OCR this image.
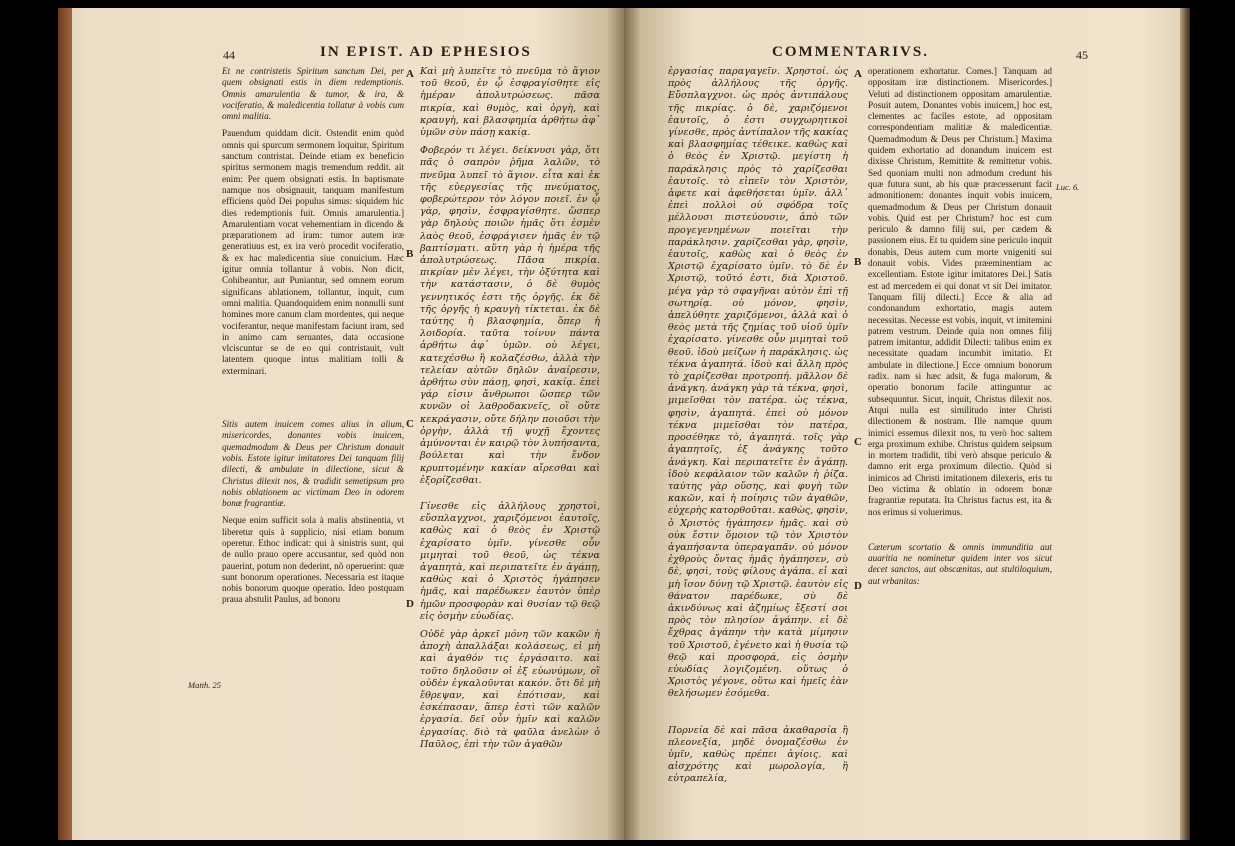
44	IN EPIST. AD EPHESIOS

Et ne contristetis Spiritum sanctum Dei, per quem obsignati estis in diem redemptionis. Omnis amarulentia & tumor, & ira, & vociferatio, & maledicentia tollatur à vobis cum omni malitia.

Pauendum quiddam dicit. Ostendit enim quòd omnis qui spurcum sermonem loquitur, Spiritum sanctum contristat. Deinde etiam ex beneficio spiritus sermonem magis tremendum reddit. ait enim: Per quem obsignati estis. In baptismate namque nos obsignauit, tanquam manifestum efficiens quòd Dei populus simus: siquidem hic dies redemptionis fuit. Omnis amarulentia.] Amarulentiam vocat vehementiam in dicendo & præparationem ad iram: tumor autem iræ generatiuus est, ex ira verò procedit vociferatio, & ex hac maledicentia siue conuicium. Hæc igitur omnia tollantur à vobis. Non dicit, Cohibeantur, aut Puniantur, sed omnem eorum significans ablationem, tollantur, inquit, cum omni malitia. Quandoquidem enim nonnulli sunt homines more canum clam mordentes, qui neque vociferantur, neque manifestam faciunt iram, sed in animo cam seruantes, data occasione vlciscuntur se de eo qui contristauit, vult latentem quoque intus malitiam tolli & exterminari.

Sitis autem inuicem comes alius in alium, misericordes, donantes vobis inuicem, quemadmodum & Deus per Christum donauit vobis. Estote igitur imitatores Dei tanquam filij dilecti, & ambulate in dilectione, sicut & Christus dilexit nos, & tradidit semetipsum pro nobis oblationem ac victimam Deo in odorem bonæ fragrantiæ.

Neque enim sufficit sola à malis abstinentia, vt liberetur quis à supplicio, nisi etiam bonum operetur. Ethoc indicat: qui à sinistris sunt, qui de nullo prauo opere accusantur, sed quòd non pauerint, potum non dederint, nõ operuerint: quæ sunt bonorum operationes. Necessaria est itaque nobis bonorum quoque operatio. Ideo postquam praua abstulit Paulus, ad bonoru

Καὶ μὴ λυπεῖτε τὸ πνεῦμα τὸ ἅγιον τοῦ θεοῦ, ἐν ᾧ ἐσφραγίσθητε εἰς ἡμέραν ἀπολυτρώσεως. πᾶσα πικρία, καὶ θυμὸς, καὶ ὀργὴ, καὶ κραυγὴ, καὶ βλασφημία ἀρθήτω ἀφ᾽ ὑμῶν σὺν πάσῃ κακίᾳ.

Φοβερόν τι λέγει. δείκνυσι γὰρ, ὅτι πᾶς ὁ σαπρὸν ῥῆμα λαλῶν, τὸ πνεῦμα λυπεῖ τὸ ἅγιον. εἶτα καὶ ἐκ τῆς εὐεργεσίας τῆς πνεύματος, φοβερώτερον τὸν λόγον ποιεῖ. ἐν ᾧ γὰρ, φησὶν, ἐσφραγίσθητε. ὥσπερ γὰρ δηλοὺς ποιῶν ἡμᾶς ὅτι ἐσμὲν λαὸς θεοῦ, ἐσφράγισεν ἡμᾶς ἐν τῷ βαπτίσματι. αὕτη γὰρ ἡ ἡμέρα τῆς ἀπολυτρώσεως. Πᾶσα πικρία. πικρίαν μὲν λέγει, τὴν ὀξύτητα καὶ τὴν κατάστασιν, ὁ δὲ θυμὸς γεννητικός ἐστι τῆς ὀργῆς. ἐκ δὲ τῆς ὀργῆς ἡ κραυγὴ τίκτεται. ἐκ δὲ ταύτης ἡ βλασφημία, ὅπερ ἡ λοιδορία. ταῦτα τοίνυν πάντα ἀρθήτω ἀφ᾽ ὑμῶν. οὐ λέγει, κατεχέσθω ἢ κολαζέσθω, ἀλλὰ τὴν τελείαν αὐτῶν δηλῶν ἀναίρεσιν, ἀρθήτω σὺν πάσῃ, φησὶ, κακίᾳ. ἐπεὶ γάρ εἰσιν ἄνθρωποι ὥσπερ τῶν κυνῶν οἱ λαθροδακνεῖς, οἳ οὔτε κεκράγασιν, οὔτε δήλην ποιοῦσι τὴν ὀργὴν, ἀλλὰ τῇ ψυχῇ ἔχοντες ἀμύνονται ἐν καιρῷ τὸν λυπήσαντα, βούλεται καὶ τὴν ἔνδον κρυπτομένην κακίαν αἴρεσθαι καὶ ἐξορίζεσθαι.

Γίνεσθε εἰς ἀλλήλους χρηστοὶ, εὔσπλαγχνοι, χαριζόμενοι ἑαυτοῖς, καθὼς καὶ ὁ θεὸς ἐν Χριστῷ ἐχαρίσατο ὑμῖν. γίνεσθε οὖν μιμηταὶ τοῦ θεοῦ, ὡς τέκνα ἀγαπητὰ, καὶ περιπατεῖτε ἐν ἀγάπῃ, καθὼς καὶ ὁ Χριστὸς ἠγάπησεν ἡμᾶς, καὶ παρέδωκεν ἑαυτὸν ὑπὲρ ἡμῶν προσφορὰν καὶ θυσίαν τῷ θεῷ εἰς ὀσμὴν εὐωδίας.

Οὐδὲ γὰρ ἀρκεῖ μόνη τῶν κακῶν ἡ ἀποχὴ ἀπαλλάξαι κολάσεως, εἰ μὴ καὶ ἀγαθόν τις ἐργάσαιτο. καὶ τοῦτο δηλοῦσιν οἱ ἐξ εὐωνύμων, οἳ οὐδὲν ἐγκαλοῦνται κακόν. ὅτι δὲ μὴ ἔθρεψαν, καὶ ἐπότισαν, καὶ ἐσκέπασαν, ἅπερ ἐστὶ τῶν καλῶν ἐργασία. δεῖ οὖν ἡμῖν καὶ καλῶν ἐργασίας. διὸ τὰ φαῦλα ἀνελὼν ὁ Παῦλος, ἐπὶ τὴν τῶν ἀγαθῶν

A
B
C
D
Matth. 25
COMMENTARIVS.	45

ἐργασίας παραγαγεῖν. Χρηστοί. ὡς πρὸς ἀλλήλους τῆς ὀργῆς. Εὔσπλαγχνοι. ὡς πρὸς ἀντιπάλους τῆς πικρίας. ὁ δὲ, χαριζόμενοι ἑαυτοῖς, ὁ ἐστι συγχωρητικοὶ γίνεσθε, πρὸς ἀντίπαλον τῆς κακίας καὶ βλασφημίας τέθεικε. καθὼς καὶ ὁ θεὸς ἐν Χριστῷ. μεγίστη ἡ παράκλησις πρὸς τὸ χαρίζεσθαι ἑαυτοῖς. τὸ εἰπεῖν τὸν Χριστὸν, ἀφετε καὶ ἀφεθήσεται ὑμῖν. ἀλλ᾽ ἐπεὶ πολλοὶ οὐ σφόδρα τοῖς μέλλουσι πιστεύουσιν, ἀπὸ τῶν προγεγενημένων ποιεῖται τὴν παράκλησιν. χαρίζεσθαι γὰρ, φησὶν, ἑαυτοῖς, καθὼς καὶ ὁ θεὸς ἐν Χριστῷ ἐχαρίσατο ὑμῖν. τὸ δὲ ἐν Χριστῷ, τοῦτό ἐστι, διὰ Χριστοῦ. μέγα γὰρ τὸ σφαγῆναι αὐτὸν ἐπὶ τῇ σωτηρίᾳ. οὐ μόνον, φησὶν, ἀπελύθητε χαριζόμενοι, ἀλλὰ καὶ ὁ θεὸς μετὰ τῆς ζημίας τοῦ υἱοῦ ὑμῖν ἐχαρίσατο. γίνεσθε οὖν μιμηταὶ τοῦ θεοῦ. ἰδοὺ μείζων ἡ παράκλησις. ὡς τέκνα ἀγαπητά. ἰδοὺ καὶ ἄλλη πρὸς τὸ χαρίζεσθαι προτροπή. μᾶλλον δὲ ἀνάγκη. ἀνάγκη γὰρ τὰ τέκνα, φησὶ, μιμεῖσθαι τὸν πατέρα. ὡς τέκνα, φησὶν, ἀγαπητά. ἐπεὶ οὐ μόνον τέκνα μιμεῖσθαι τὸν πατέρα, προσέθηκε τὸ, ἀγαπητά. τοῖς γὰρ ἀγαπητοῖς, ἐξ ἀνάγκης τοῦτο ἀνάγκη. Καὶ περιπατεῖτε ἐν ἀγάπῃ. ἰδοὺ κεφάλαιον τῶν καλῶν ἡ ῥίζα. ταύτης γὰρ οὔσης, καὶ φυγὴ τῶν κακῶν, καὶ ἡ ποίησις τῶν ἀγαθῶν, εὐχερὴς κατορθοῦται. καθὼς, φησὶν, ὁ Χριστὸς ἠγάπησεν ἡμᾶς. καὶ σὺ οὐκ ἔστιν ὅμοιον τῷ τὸν Χριστὸν ἀγαπήσαντα ὑπεραγαπᾶν. οὐ μόνον ἐχθροὺς ὄντας ἡμᾶς ἠγάπησεν, σὺ δὲ, φησὶ, τοὺς φίλους ἀγάπα. εἰ καὶ μὴ ἴσον δύνῃ τῷ Χριστῷ. ἑαυτὸν εἰς θάνατον παρέδωκε, σὺ δὲ ἀκινδύνως καὶ ἀζημίως ἔξεστί σοι πρὸς τὸν πλησίον ἀγάπην. εἰ δὲ ἔχθρας ἀγάπην τὴν κατὰ μίμησιν τοῦ Χριστοῦ, ἐγένετο καὶ ἡ θυσία τῷ θεῷ καὶ προσφορά, εἰς ὀσμὴν εὐωδίας λογιζομένη. οὕτως ὁ Χριστὸς γέγονε, οὕτω καὶ ἡμεῖς ἐὰν θελήσωμεν ἐσόμεθα.

Πορνεία δὲ καὶ πᾶσα ἀκαθαρσία ἢ πλεονεξία, μηδὲ ὀνομαζέσθω ἐν ὑμῖν, καθὼς πρέπει ἁγίοις. καὶ αἰσχρότης καὶ μωρολογία, ἢ εὐτραπελία,

operationem exhortatur. Comes.] Tanquam ad oppositam iræ distinctionem. Misericordes.] Veluti ad distinctionem oppositam amarulentiæ. Posuit autem, Donantes vobis inuicem,] hoc est, clementes ac faciles estote, ad oppositam correspondentiam malitiæ & maledicentiæ. Quemadmodum & Deus per Christum.] Maxima quidem exhortatio ad donandum inuicem est dixisse Christum, Remittite & remittetur vobis. Sed quoniam multi non admodum credunt his quæ futura sunt, ab his quæ præcesserunt facit admonitionem: donantes inquit vobis inuicem, quemadmodum & Deus per Christum donauit vobis. Quid est per Christum? hoc est cum periculo & damno filij sui, per cædem & passionem eius. Et tu quidem sine periculo inquit donabis, Deus autem cum morte vnigeniti sui donauit vobis. Vides præeminentiam ac excellentiam. Estote igitur imitatores Dei.] Satis est ad mercedem ei qui donat vt sit Dei imitator. Tanquam filij dilecti.] Ecce & alia ad condonandum exhortatio, magis autem necessitas. Necesse est vobis, inquit, vt imitemini patrem vestrum. Deinde quia non omnes filij patrem imitantur, addidit Dilecti: talibus enim ex necessitate quadam incumbit imitatio. Et ambulate in dilectione.] Ecce omnium bonorum radix. nam si hæc adsit, & fuga malorum, & operatio bonorum facile attinguntur ac subsequuntur. Sicut, inquit, Christus dilexit nos. Atqui nulla est similitudo inter Christi dilectionem & nostram. Ille namque quum inimici essemus dilexit nos, tu verò hoc saltem erga proximum exhibe. Christus quidem seipsum in mortem tradidit, tibi verò absque periculo & damno erit erga proximum dilectio. Quòd si inimicos ad Christi imitationem dilexeris, eris tu Deo victima & oblatio in odorem bonæ fragrantiæ reputata. Ita Christus factus est, ita & nos erimus si voluerimus.

Cæterum scortatio & omnis immunditia aut auaritia ne nominetur quidem inter vos sicut decet sanctos, aut obscænitas, aut stultiloquium, aut vrbanitas:

A
B
C
D
Luc. 6.
